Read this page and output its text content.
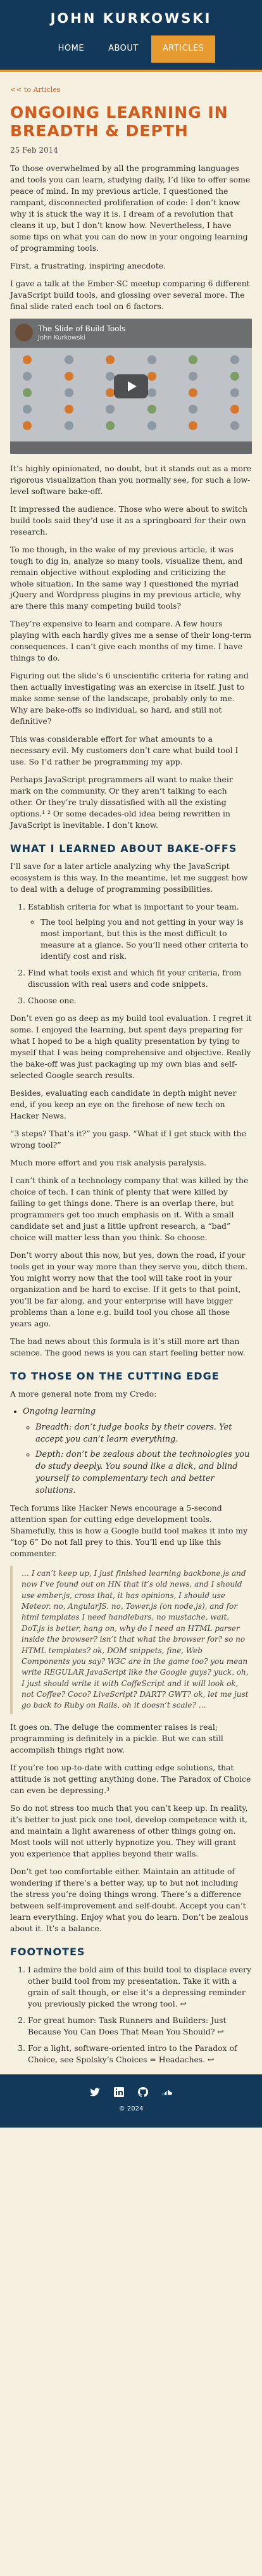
JOHN KURKOWSKI
HOME	ABOUT	ARTICLES
<< to Articles
ONGOING LEARNING IN BREADTH & DEPTH
25 Feb 2014

To those overwhelmed by all the programming languages and tools you can learn, studying daily, I’d like to offer some peace of mind. In my previous article, I questioned the rampant, disconnected proliferation of code: I don’t know why it is stuck the way it is. I dream of a revolution that cleans it up, but I don’t know how. Nevertheless, I have some tips on what you can do now in your ongoing learning of programming tools.

First, a frustrating, inspiring anecdote.

I gave a talk at the Ember-SC meetup comparing 6 different JavaScript build tools, and glossing over several more. The final slide rated each tool on 6 factors.

The Slide of Build Tools
John Kurkowski

It’s highly opinionated, no doubt, but it stands out as a more rigorous visualization than you normally see, for such a low-level software bake-off.

It impressed the audience. Those who were about to switch build tools said they’d use it as a springboard for their own research.

To me though, in the wake of my previous article, it was tough to dig in, analyze so many tools, visualize them, and remain objective without exploding and criticizing the whole situation. In the same way I questioned the myriad jQuery and Wordpress plugins in my previous article, why are there this many competing build tools?

They’re expensive to learn and compare. A few hours playing with each hardly gives me a sense of their long-term consequences. I can’t give each months of my time. I have things to do.

Figuring out the slide’s 6 unscientific criteria for rating and then actually investigating was an exercise in itself. Just to make some sense of the landscape, probably only to me. Why are bake-offs so individual, so hard, and still not definitive?

This was considerable effort for what amounts to a necessary evil. My customers don’t care what build tool I use. So I’d rather be programming my app.

Perhaps JavaScript programmers all want to make their mark on the community. Or they aren’t talking to each other. Or they’re truly dissatisfied with all the existing options.¹ ² Or some decades-old idea being rewritten in JavaScript is inevitable. I don’t know.

WHAT I LEARNED ABOUT BAKE-OFFS

I’ll save for a later article analyzing why the JavaScript ecosystem is this way. In the meantime, let me suggest how to deal with a deluge of programming possibilities.

1. Establish criteria for what is important to your team.
◦ The tool helping you and not getting in your way is most important, but this is the most difficult to measure at a glance. So you’ll need other criteria to identify cost and risk.
2. Find what tools exist and which fit your criteria, from discussion with real users and code snippets.
3. Choose one.

Don’t even go as deep as my build tool evaluation. I regret it some. I enjoyed the learning, but spent days preparing for what I hoped to be a high quality presentation by tying to myself that I was being comprehensive and objective. Really the bake-off was just packaging up my own bias and self-selected Google search results.

Besides, evaluating each candidate in depth might never end, if you keep an eye on the firehose of new tech on Hacker News.

“3 steps? That’s it?” you gasp. “What if I get stuck with the wrong tool?”

Much more effort and you risk analysis paralysis.

I can’t think of a technology company that was killed by the choice of tech. I can think of plenty that were killed by failing to get things done. There is an overlap there, but programmers get too much emphasis on it. With a small candidate set and just a little upfront research, a “bad” choice will matter less than you think. So choose.

Don’t worry about this now, but yes, down the road, if your tools get in your way more than they serve you, ditch them. You might worry now that the tool will take root in your organization and be hard to excise. If it gets to that point, you’ll be far along, and your enterprise will have bigger problems than a lone e.g. build tool you chose all those years ago.

The bad news about this formula is it’s still more art than science. The good news is you can start feeling better now.

TO THOSE ON THE CUTTING EDGE

A more general note from my Credo:

• Ongoing learning
◦ Breadth: don’t judge books by their covers. Yet accept you can’t learn everything.
◦ Depth: don’t be zealous about the technologies you do study deeply. You sound like a dick, and blind yourself to complementary tech and better solutions.

Tech forums like Hacker News encourage a 5-second attention span for cutting edge development tools. Shamefully, this is how a Google build tool makes it into my “top 6” Do not fall prey to this. You’ll end up like this commenter.

… I can’t keep up, I just finished learning backbone.js and now I’ve found out on HN that it’s old news, and I should use ember.js, cross that, it has opinions, I should use Meteor. no, AngularJS. no, Tower.js (on node.js), and for html templates I need handlebars, no mustache, wait, DoT.js is better, hang on, why do I need an HTML parser inside the browser? isn’t that what the browser for? so no HTML templates? ok, DOM snippets, fine, Web Components you say? W3C are in the game too? you mean write REGULAR JavaScript like the Google guys? yuck, oh, I just should write it with CoffeScript and it will look ok, not Coffee? Coco? LiveScript? DART? GWT? ok, let me just go back to Ruby on Rails, oh it doesn’t scale? …

It goes on. The deluge the commenter raises is real; programming is definitely in a pickle. But we can still accomplish things right now.

If you’re too up-to-date with cutting edge solutions, that attitude is not getting anything done. The Paradox of Choice can even be depressing.³

So do not stress too much that you can’t keep up. In reality, it’s better to just pick one tool, develop competence with it, and maintain a light awareness of other things going on. Most tools will not utterly hypnotize you. They will grant you experience that applies beyond their walls.

Don’t get too comfortable either. Maintain an attitude of wondering if there’s a better way, up to but not including the stress you’re doing things wrong. There’s a difference between self-improvement and self-doubt. Accept you can’t learn everything. Enjoy what you do learn. Don’t be zealous about it. It’s a balance.

FOOTNOTES
1. I admire the bold aim of this build tool to displace every other build tool from my presentation. Take it with a grain of salt though, or else it’s a depressing reminder you previously picked the wrong tool. ↩
2. For great humor: Task Runners and Builders: Just Because You Can Does That Mean You Should? ↩
3. For a light, software-oriented intro to the Paradox of Choice, see Spolsky’s Choices = Headaches. ↩
© 2024
